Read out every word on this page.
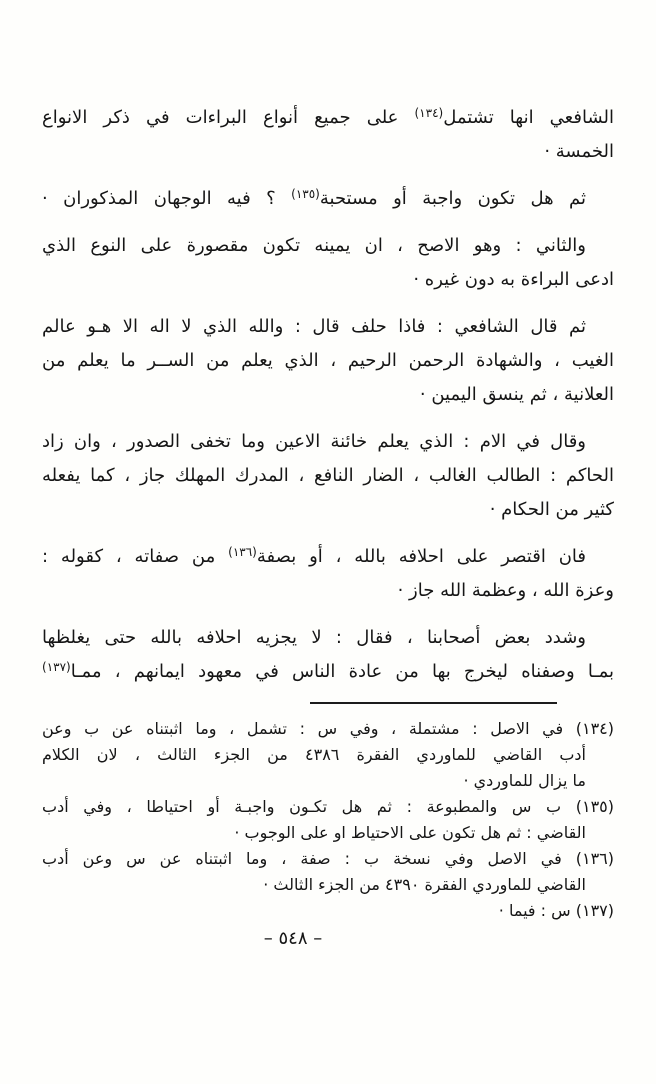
الشافعي انها تشتمل$^{(١٣٤)}$ على جميع أنواع البراءات في ذكر الانواع
الخمسة ·
ثم هل تكون واجبة أو مستحبة$^{(١٣٥)}$ ؟ فيه الوجهان المذكوران ·
والثاني : وهو الاصح ، ان يمينه تكون مقصورة على النوع الذي
ادعى البراءة به دون غيره ·
ثم قال الشافعي : فاذا حلف قال : والله الذي لا اله الا هـو عالم
الغيب ، والشهادة الرحمن الرحيم ، الذي يعلم من الســر ما يعلم من
العلانية ، ثم ينسق اليمين ·
وقال في الام : الذي يعلم خائنة الاعين وما تخفى الصدور ، وان زاد
الحاكم : الطالب الغالب ، الضار النافع ، المدرك المهلك جاز ، كما يفعله
كثير من الحكام ·
فان اقتصر على احلافه بالله ، أو بصفة$^{(١٣٦)}$ من صفاته ، كقوله :
وعزة الله ، وعظمة الله جاز ·
وشدد بعض أصحابنا ، فقال : لا يجزيه احلافه بالله حتى يغلظها
بمـا وصفناه ليخرج بها من عادة الناس في معهود ايمانهم ، ممـا$^{(١٣٧)}$
(١٣٤) في الاصل : مشتملة ، وفي س : تشمل ، وما اثبتناه عن ب وعن
أدب القاضي للماوردي الفقرة ٤٣٨٦ من الجزء الثالث ، لان الكلام
ما يزال للماوردي ·
(١٣٥) ب س والمطبوعة : ثم هل تكـون واجبـة أو احتياطا ، وفي أدب
القاضي : ثم هل تكون على الاحتياط او على الوجوب ·
(١٣٦) في الاصل وفي نسخة ب : صفة ، وما اثبتناه عن س وعن أدب
القاضي للماوردي الفقرة ٤٣٩٠ من الجزء الثالث ·
(١٣٧) س : فيما ·
– ٥٤٨ –
